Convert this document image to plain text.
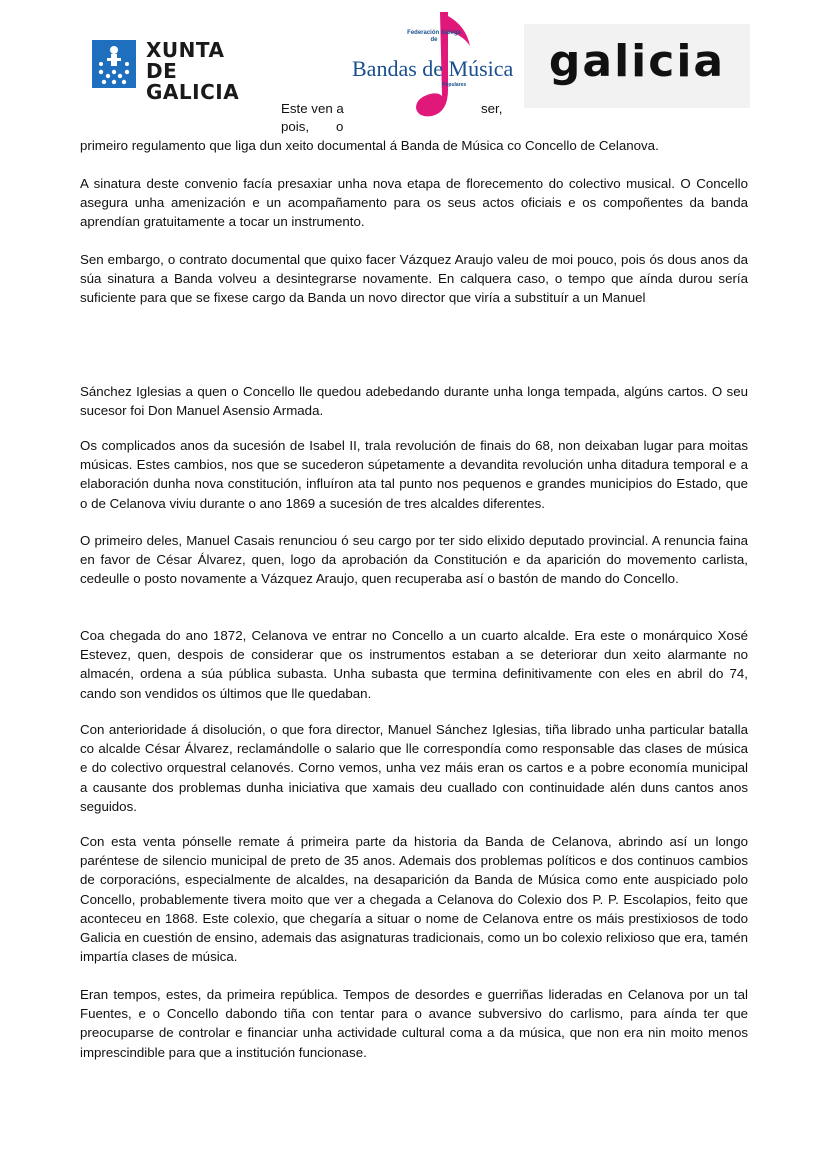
XUNTA
DE GALICIA
Federación Galega de
Bandas de Música
Populares	galicia
Este ven a	ser,
pois, o

primeiro regulamento que liga dun xeito documental á Banda de Música co Concello de Celanova.

A sinatura deste convenio facía presaxiar unha nova etapa de florecemento do colectivo musical. O Concello asegura unha amenización e un acompañamento para os seus actos oficiais e os compoñentes da banda aprendían gratuitamente a tocar un instrumento.

Sen embargo, o contrato documental que quixo facer Vázquez Araujo valeu de moi pouco, pois ós dous anos da súa sinatura a Banda volveu a desintegrarse novamente. En calquera caso, o tempo que aínda durou sería suficiente para que se fixese cargo da Banda un novo director que viría a substituír a un Manuel

Sánchez Iglesias a quen o Concello lle quedou adebedando durante unha longa tempada, algúns cartos. O seu sucesor foi Don Manuel Asensio Armada.

Os complicados anos da sucesión de Isabel II, trala revolución de finais do 68, non deixaban lugar para moitas músicas. Estes cambios, nos que se sucederon súpetamente a devandita revolución unha ditadura temporal e a elaboración dunha nova constitución, influíron ata tal punto nos pequenos e grandes municipios do Estado, que o de Celanova viviu durante o ano 1869 a sucesión de tres alcaldes diferentes.

O primeiro deles, Manuel Casais renunciou ó seu cargo por ter sido elixido deputado provincial. A renuncia faina en favor de César Álvarez, quen, logo da aprobación da Constitución e da aparición do movemento carlista, cedeulle o posto novamente a Vázquez Araujo, quen recuperaba así o bastón de mando do Concello.

Coa chegada do ano 1872, Celanova ve entrar no Concello a un cuarto alcalde. Era este o monárquico Xosé Estevez, quen, despois de considerar que os instrumentos estaban a se deteriorar dun xeito alarmante no almacén, ordena a súa pública subasta. Unha subasta que termina definitivamente con eles en abril do 74, cando son vendidos os últimos que lle quedaban.

Con anterioridade á disolución, o que fora director, Manuel Sánchez Iglesias, tiña librado unha particular batalla co alcalde César Álvarez, reclamándolle o salario que lle correspondía como responsable das clases de música e do colectivo orquestral celanovés. Corno vemos, unha vez máis eran os cartos e a pobre economía municipal a causante dos problemas dunha iniciativa que xamais deu cuallado con continuidade alén duns cantos anos seguidos.

Con esta venta pónselle remate á primeira parte da historia da Banda de Celanova, abrindo así un longo paréntese de silencio municipal de preto de 35 anos. Ademais dos problemas políticos e dos continuos cambios de corporacións, especialmente de alcaldes, na desaparición da Banda de Música como ente auspiciado polo Concello, probablemente tivera moito que ver a chegada a Celanova do Colexio dos P. P. Escolapios, feito que aconteceu en 1868. Este colexio, que chegaría a situar o nome de Celanova entre os máis prestixiosos de todo Galicia en cuestión de ensino, ademais das asignaturas tradicionais, como un bo colexio relixioso que era, tamén impartía clases de música.

Eran tempos, estes, da primeira república. Tempos de desordes e guerriñas lideradas en Celanova por un tal Fuentes, e o Concello dabondo tiña con tentar para o avance subversivo do carlismo, para aínda ter que preocuparse de controlar e financiar unha actividade cultural coma a da música, que non era nin moito menos imprescindible para que a institución funcionase.
